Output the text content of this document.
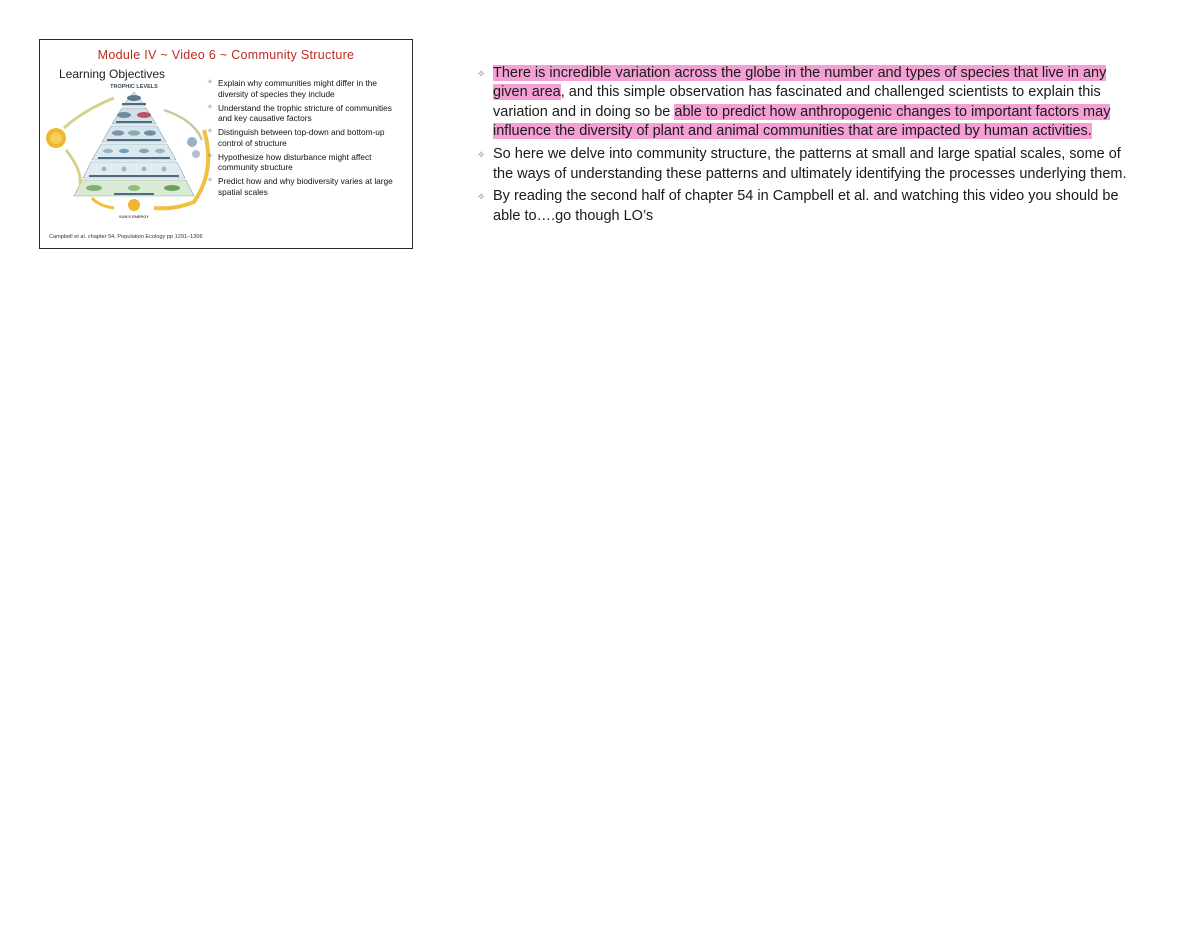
Module IV ~ Video 6 ~ Community Structure
Learning Objectives
TROPHIC LEVELS
SUN'S ENERGY
✧ Explain why communities might differ in the diversity of species they include
✧ Understand the trophic stricture of communities and key causative factors
✧ Distinguish between top-down and bottom-up control of structure
✧ Hypothesize how disturbance might affect community structure
✧ Predict how and why biodiversity varies at large spatial scales
Campbell et al. chapter 54, Population Ecology pp 1291–1306
✧ There is incredible variation across the globe in the number and types of species that live in any given area, and this simple observation has fascinated and challenged scientists to explain this variation and in doing so be able to predict how anthropogenic changes to important factors may influence the diversity of plant and animal communities that are impacted by human activities.
✧ So here we delve into community structure, the patterns at small and large spatial scales, some of the ways of understanding these patterns and ultimately identifying the processes underlying them.
✧ By reading the second half of chapter 54 in Campbell et al. and watching this video you should be able to….go though LO’s
